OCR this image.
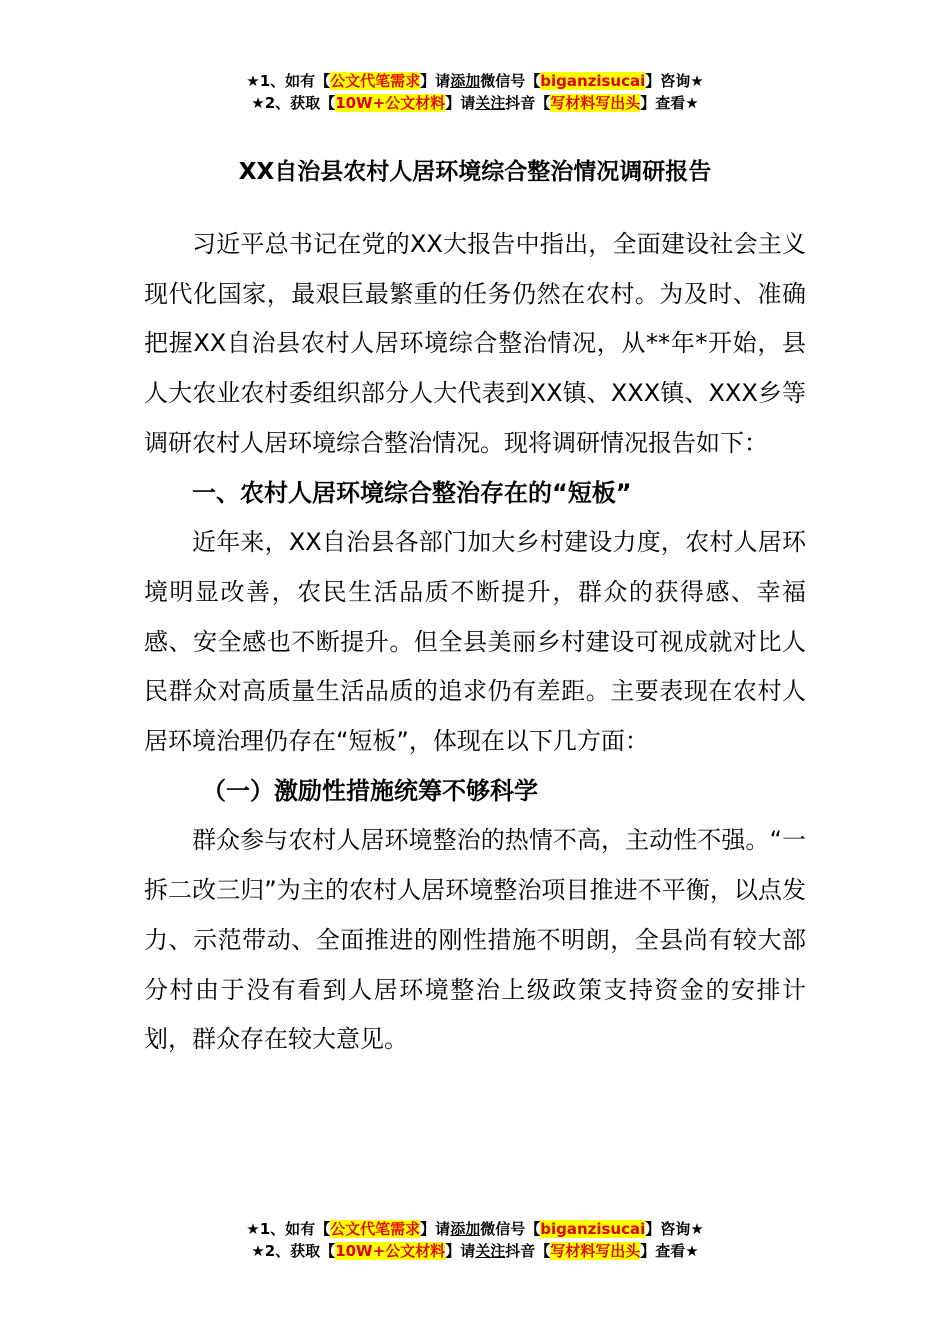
★1、如有【公文代笔需求】请添加微信号【biganzisucai】咨询★
★2、获取【10W+公文材料】请关注抖音【写材料写出头】查看★
XX自治县农村人居环境综合整治情况调研报告

习近平总书记在党的XX大报告中指出，全面建设社会主义现代化国家，最艰巨最繁重的任务仍然在农村。为及时、准确把握XX自治县农村人居环境综合整治情况，从**年*开始，县人大农业农村委组织部分人大代表到XX镇、XXX镇、XXX乡等调研农村人居环境综合整治情况。现将调研情况报告如下：

一、农村人居环境综合整治存在的“短板”

近年来，XX自治县各部门加大乡村建设力度，农村人居环境明显改善，农民生活品质不断提升，群众的获得感、幸福感、安全感也不断提升。但全县美丽乡村建设可视成就对比人民群众对高质量生活品质的追求仍有差距。主要表现在农村人居环境治理仍存在“短板”，体现在以下几方面：

（一）激励性措施统筹不够科学

群众参与农村人居环境整治的热情不高，主动性不强。“一拆二改三归”为主的农村人居环境整治项目推进不平衡，以点发力、示范带动、全面推进的刚性措施不明朗，全县尚有较大部分村由于没有看到人居环境整治上级政策支持资金的安排计划，群众存在较大意见。

★1、如有【公文代笔需求】请添加微信号【biganzisucai】咨询★
★2、获取【10W+公文材料】请关注抖音【写材料写出头】查看★
